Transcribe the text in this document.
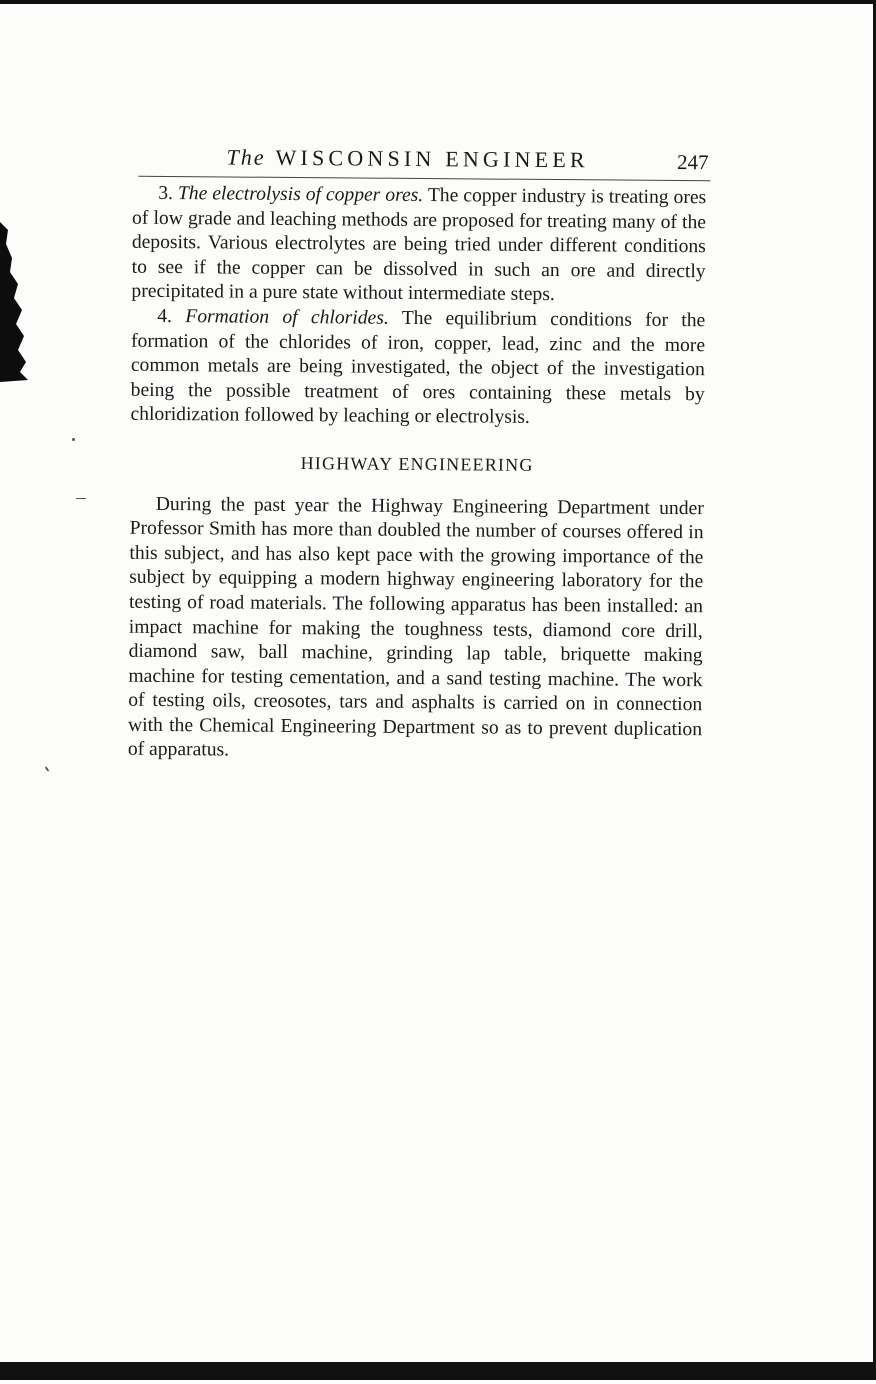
The WISCONSIN ENGINEER	247

3. The electrolysis of copper ores. The copper industry is treating ores of low grade and leaching methods are proposed for treating many of the deposits. Various electrolytes are being tried under different conditions to see if the copper can be dissolved in such an ore and directly precipitated in a pure state without intermediate steps.

4. Formation of chlorides. The equilibrium conditions for the formation of the chlorides of iron, copper, lead, zinc and the more common metals are being investigated, the object of the investigation being the possible treatment of ores containing these metals by chloridization followed by leaching or electrolysis.

HIGHWAY ENGINEERING

During the past year the Highway Engineering Department under Professor Smith has more than doubled the number of courses offered in this subject, and has also kept pace with the growing importance of the subject by equipping a modern highway engineering laboratory for the testing of road materials. The following apparatus has been installed: an impact machine for making the toughness tests, diamond core drill, diamond saw, ball machine, grinding lap table, briquette making machine for testing cementation, and a sand testing machine. The work of testing oils, creosotes, tars and asphalts is carried on in connection with the Chemical Engineering Department so as to prevent duplication of apparatus.
